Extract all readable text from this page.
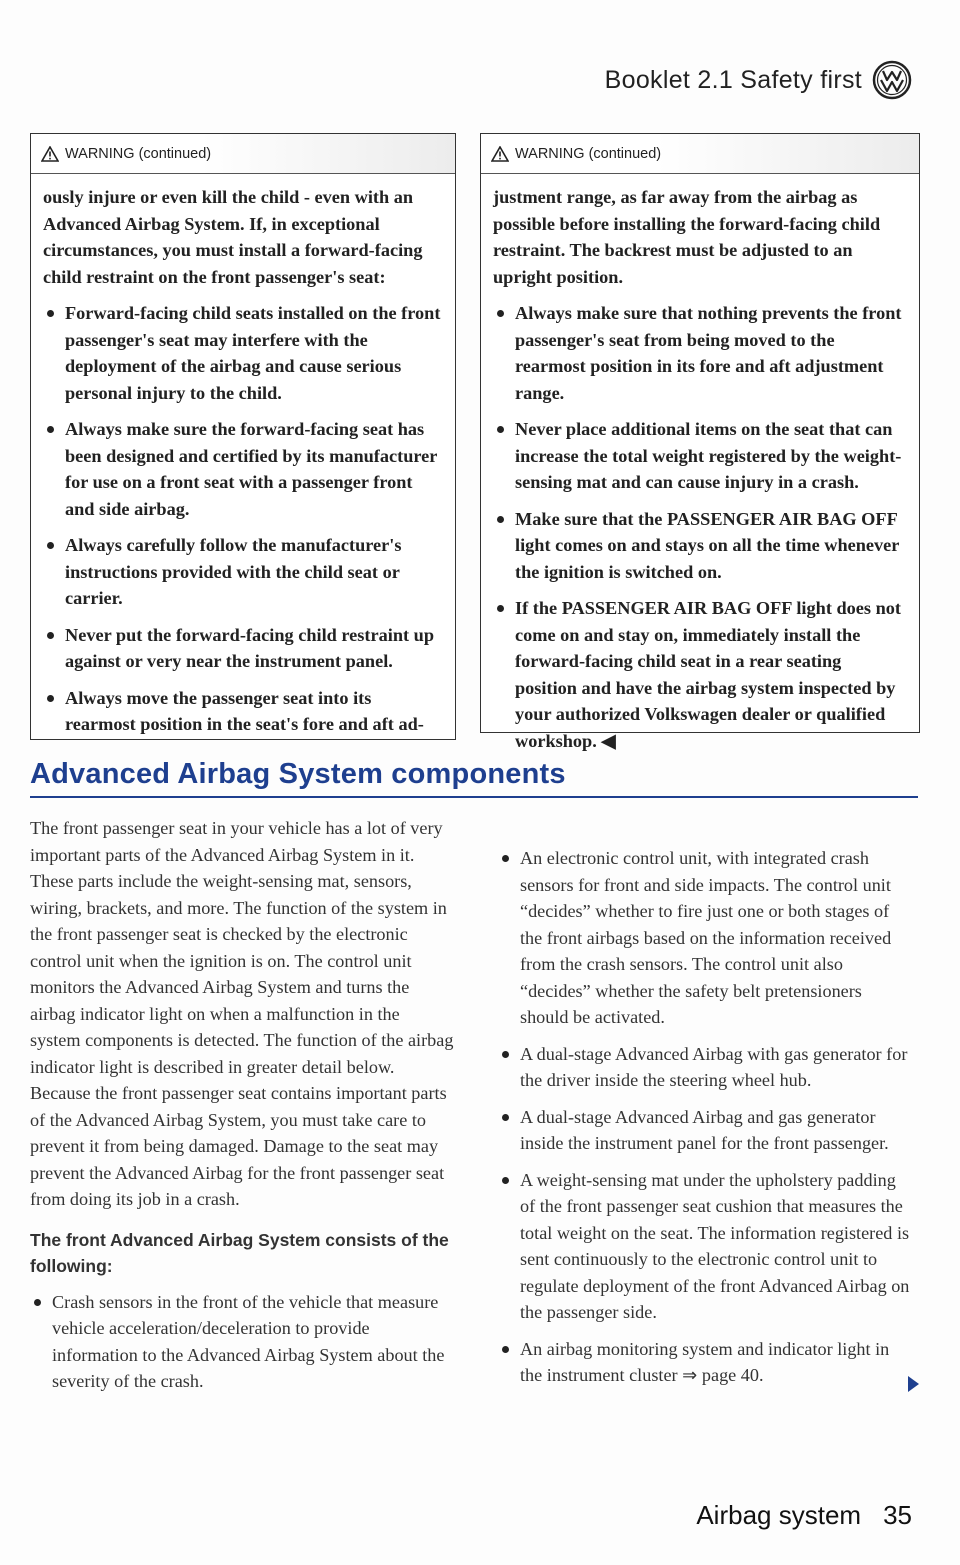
Booklet 2.1 Safety first
WARNING (continued)

ously injure or even kill the child - even with an Advanced Airbag System. If, in exceptional circumstances, you must install a forward-facing child restraint on the front passenger's seat:

Forward-facing child seats installed on the front passenger's seat may interfere with the deployment of the airbag and cause serious personal injury to the child.
Always make sure the forward-facing seat has been designed and certified by its manufacturer for use on a front seat with a passenger front and side airbag.
Always carefully follow the manufacturer's instructions provided with the child seat or carrier.
Never put the forward-facing child restraint up against or very near the instrument panel.
Always move the passenger seat into its rearmost position in the seat's fore and aft ad-
WARNING (continued)

justment range, as far away from the airbag as possible before installing the forward-facing child restraint. The backrest must be adjusted to an upright position.

Always make sure that nothing prevents the front passenger's seat from being moved to the rearmost position in its fore and aft adjustment range.
Never place additional items on the seat that can increase the total weight registered by the weight-sensing mat and can cause injury in a crash.
Make sure that the PASSENGER AIR BAG OFF light comes on and stays on all the time whenever the ignition is switched on.
If the PASSENGER AIR BAG OFF light does not come on and stay on, immediately install the forward-facing child seat in a rear seating position and have the airbag system inspected by your authorized Volkswagen dealer or qualified workshop. ◀
Advanced Airbag System components

The front passenger seat in your vehicle has a lot of very important parts of the Advanced Airbag System in it. These parts include the weight-sensing mat, sensors, wiring, brackets, and more. The function of the system in the front passenger seat is checked by the electronic control unit when the ignition is on. The control unit monitors the Advanced Airbag System and turns the airbag indicator light on when a malfunction in the system components is detected. The function of the airbag indicator light is described in greater detail below. Because the front passenger seat contains important parts of the Advanced Airbag System, you must take care to prevent it from being damaged. Damage to the seat may prevent the Advanced Airbag for the front passenger seat from doing its job in a crash.

The front Advanced Airbag System consists of the following:
Crash sensors in the front of the vehicle that measure vehicle acceleration/deceleration to provide information to the Advanced Airbag System about the severity of the crash.
An electronic control unit, with integrated crash sensors for front and side impacts. The control unit “decides” whether to fire just one or both stages of the front airbags based on the information received from the crash sensors. The control unit also “decides” whether the safety belt pretensioners should be activated.
A dual-stage Advanced Airbag with gas generator for the driver inside the steering wheel hub.
A dual-stage Advanced Airbag and gas generator inside the instrument panel for the front passenger.
A weight-sensing mat under the upholstery padding of the front passenger seat cushion that measures the total weight on the seat. The information registered is sent continuously to the electronic control unit to regulate deployment of the front Advanced Airbag on the passenger side.
An airbag monitoring system and indicator light in the instrument cluster ⇒ page 40.
Airbag system 35
